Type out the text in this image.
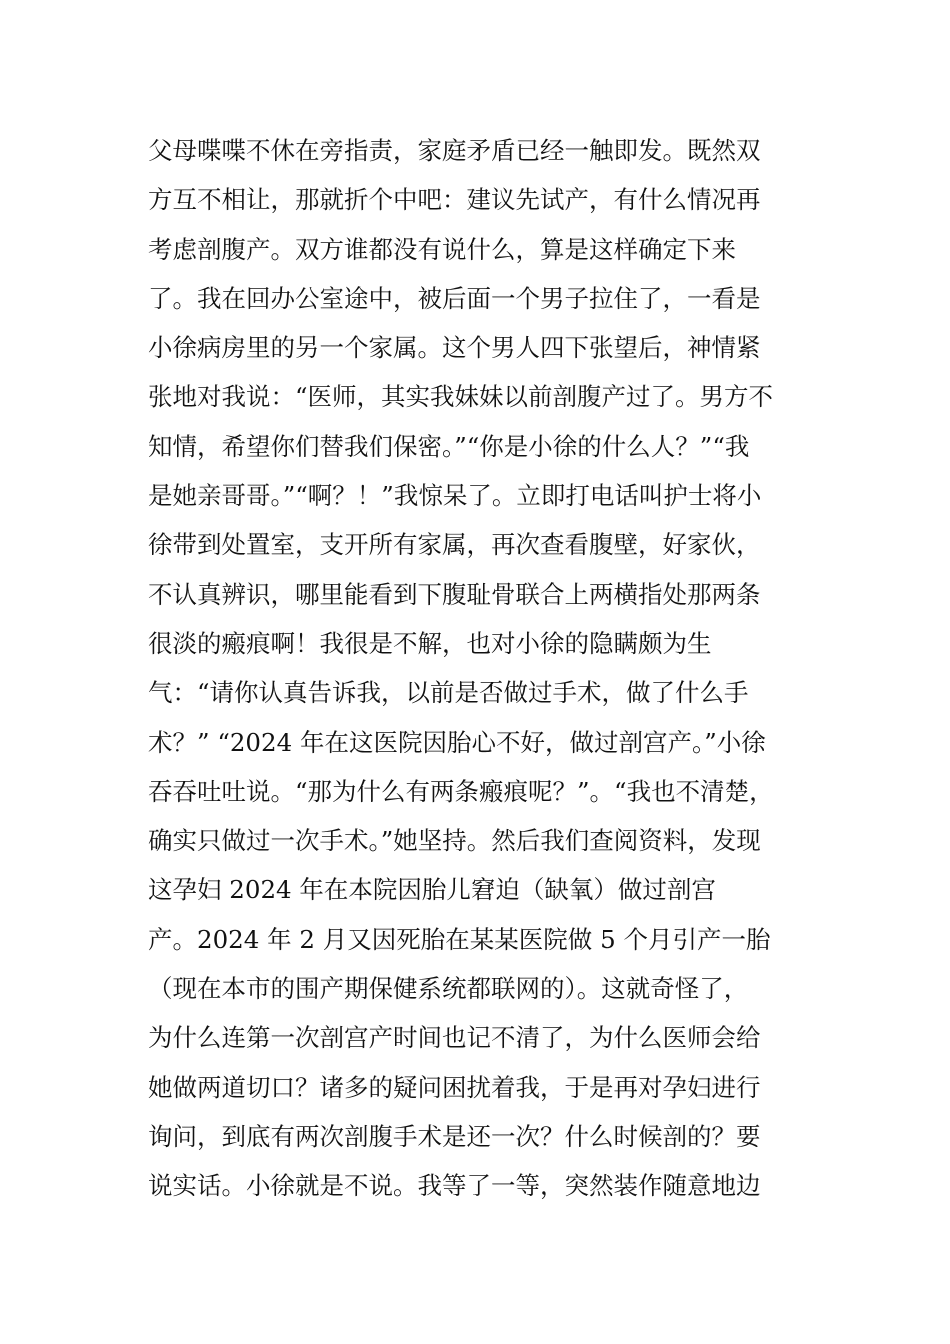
父母喋喋不休在旁指责，家庭矛盾已经一触即发。既然双
方互不相让，那就折个中吧：建议先试产，有什么情况再
考虑剖腹产。双方谁都没有说什么，算是这样确定下来
了。我在回办公室途中，被后面一个男子拉住了，一看是
小徐病房里的另一个家属。这个男人四下张望后，神情紧
张地对我说：“医师，其实我妹妹以前剖腹产过了。男方不
知情，希望你们替我们保密。”“你是小徐的什么人？”“我
是她亲哥哥。”“啊？！”我惊呆了。立即打电话叫护士将小
徐带到处置室，支开所有家属，再次查看腹壁，好家伙，
不认真辨识，哪里能看到下腹耻骨联合上两横指处那两条
很淡的瘢痕啊！我很是不解，也对小徐的隐瞒颇为生
气：“请你认真告诉我，以前是否做过手术，做了什么手
术？” “2024 年在这医院因胎心不好，做过剖宫产。”小徐
吞吞吐吐说。“那为什么有两条瘢痕呢？”。“我也不清楚，
确实只做过一次手术。”她坚持。然后我们查阅资料，发现
这孕妇 2024 年在本院因胎儿窘迫（缺氧）做过剖宫
产。2024 年 2 月又因死胎在某某医院做 5 个月引产一胎
（现在本市的围产期保健系统都联网的）。这就奇怪了，
为什么连第一次剖宫产时间也记不清了，为什么医师会给
她做两道切口？诸多的疑问困扰着我，于是再对孕妇进行
询问，到底有两次剖腹手术是还一次？什么时候剖的？要
说实话。小徐就是不说。我等了一等，突然装作随意地边
